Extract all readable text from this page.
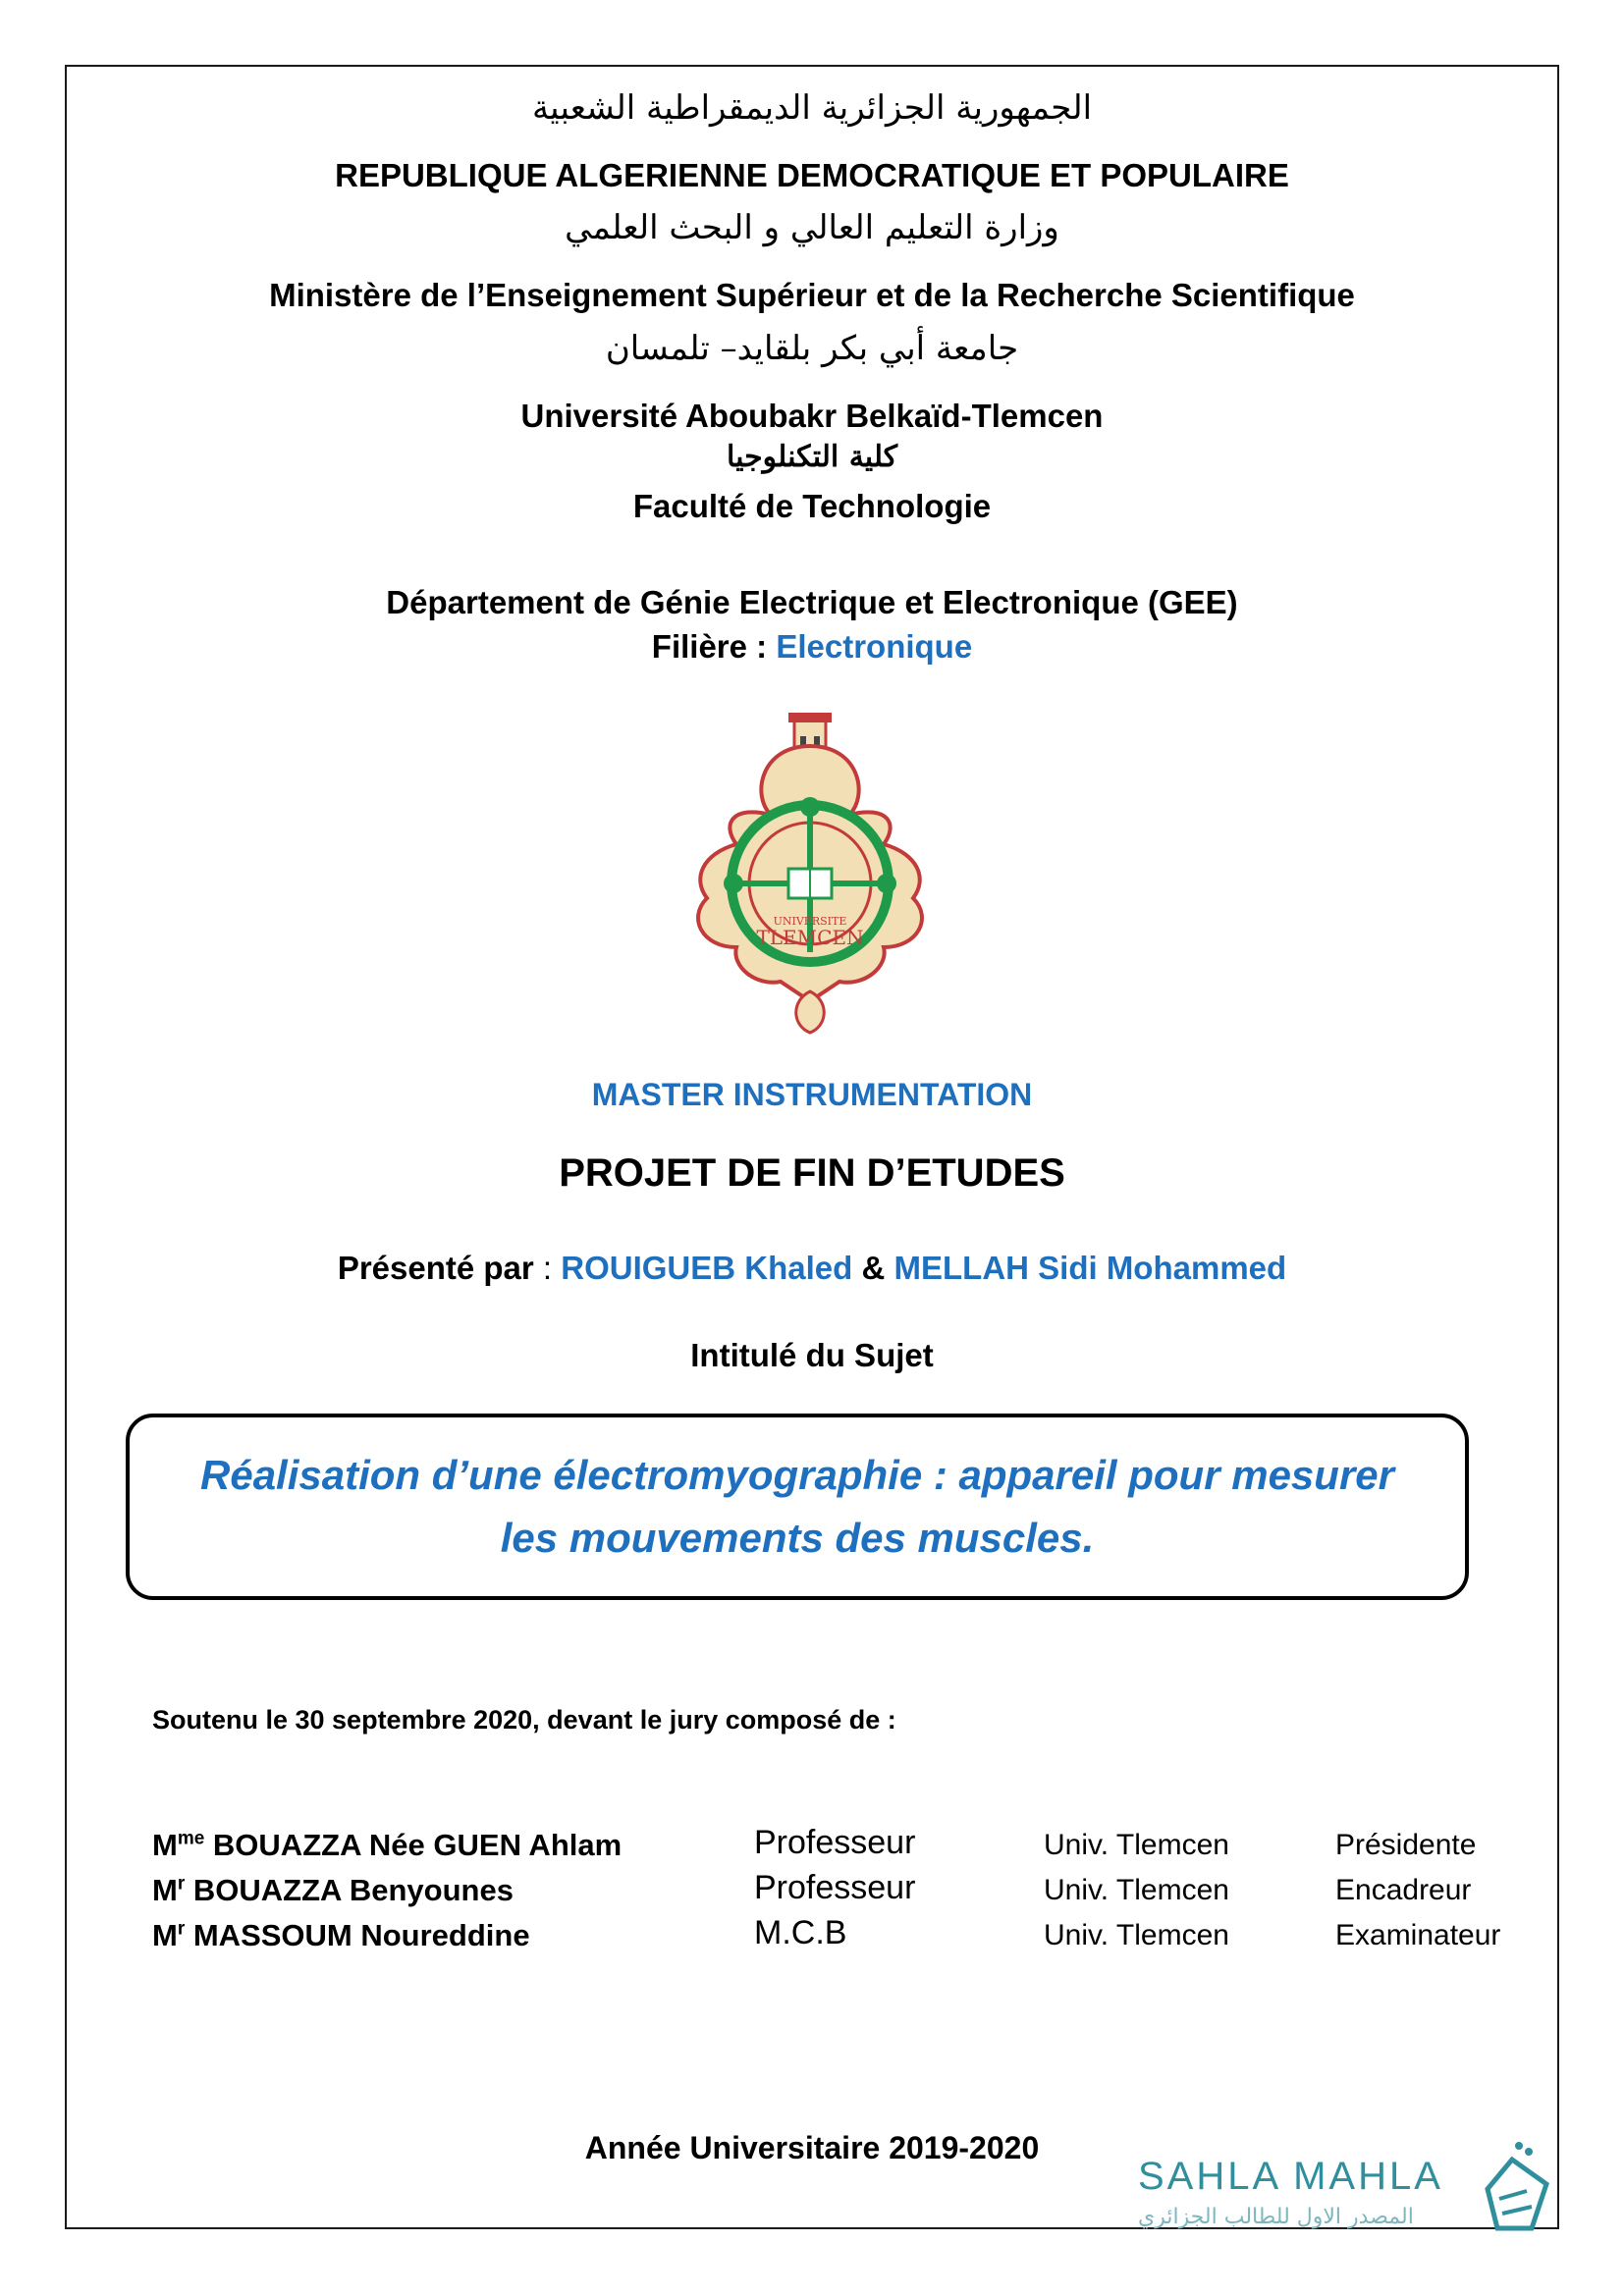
الجمهورية الجزائرية الديمقراطية الشعبية
REPUBLIQUE ALGERIENNE DEMOCRATIQUE ET POPULAIRE
وزارة التعليم العالي و البحث العلمي
Ministère de l’Enseignement Supérieur et de la Recherche Scientifique
جامعة أبي بكر بلقايد– تلمسان
Université Aboubakr Belkaïd-Tlemcen
كلية التكنلوجيا
Faculté de Technologie
Département de Génie Electrique et Electronique (GEE)
Filière : Electronique
UNIVERSITE
TLEMCEN
MASTER INSTRUMENTATION
PROJET DE FIN D’ETUDES
Présenté par : ROUIGUEB Khaled & MELLAH Sidi Mohammed
Intitulé du Sujet
Réalisation d’une électromyographie : appareil pour mesurer
les mouvements des muscles.
Soutenu le 30 septembre 2020, devant le jury composé de :
$M^{me}$ BOUAZZA Née GUEN Ahlam	Professeur	Univ. Tlemcen	Présidente
$M^r$ BOUAZZA Benyounes	Professeur	Univ. Tlemcen	Encadreur
$M^r$ MASSOUM Noureddine	M.C.B	Univ. Tlemcen	Examinateur
Année Universitaire 2019-2020
SAHLA MAHLA
المصدر الاول للطالب الجزائري
